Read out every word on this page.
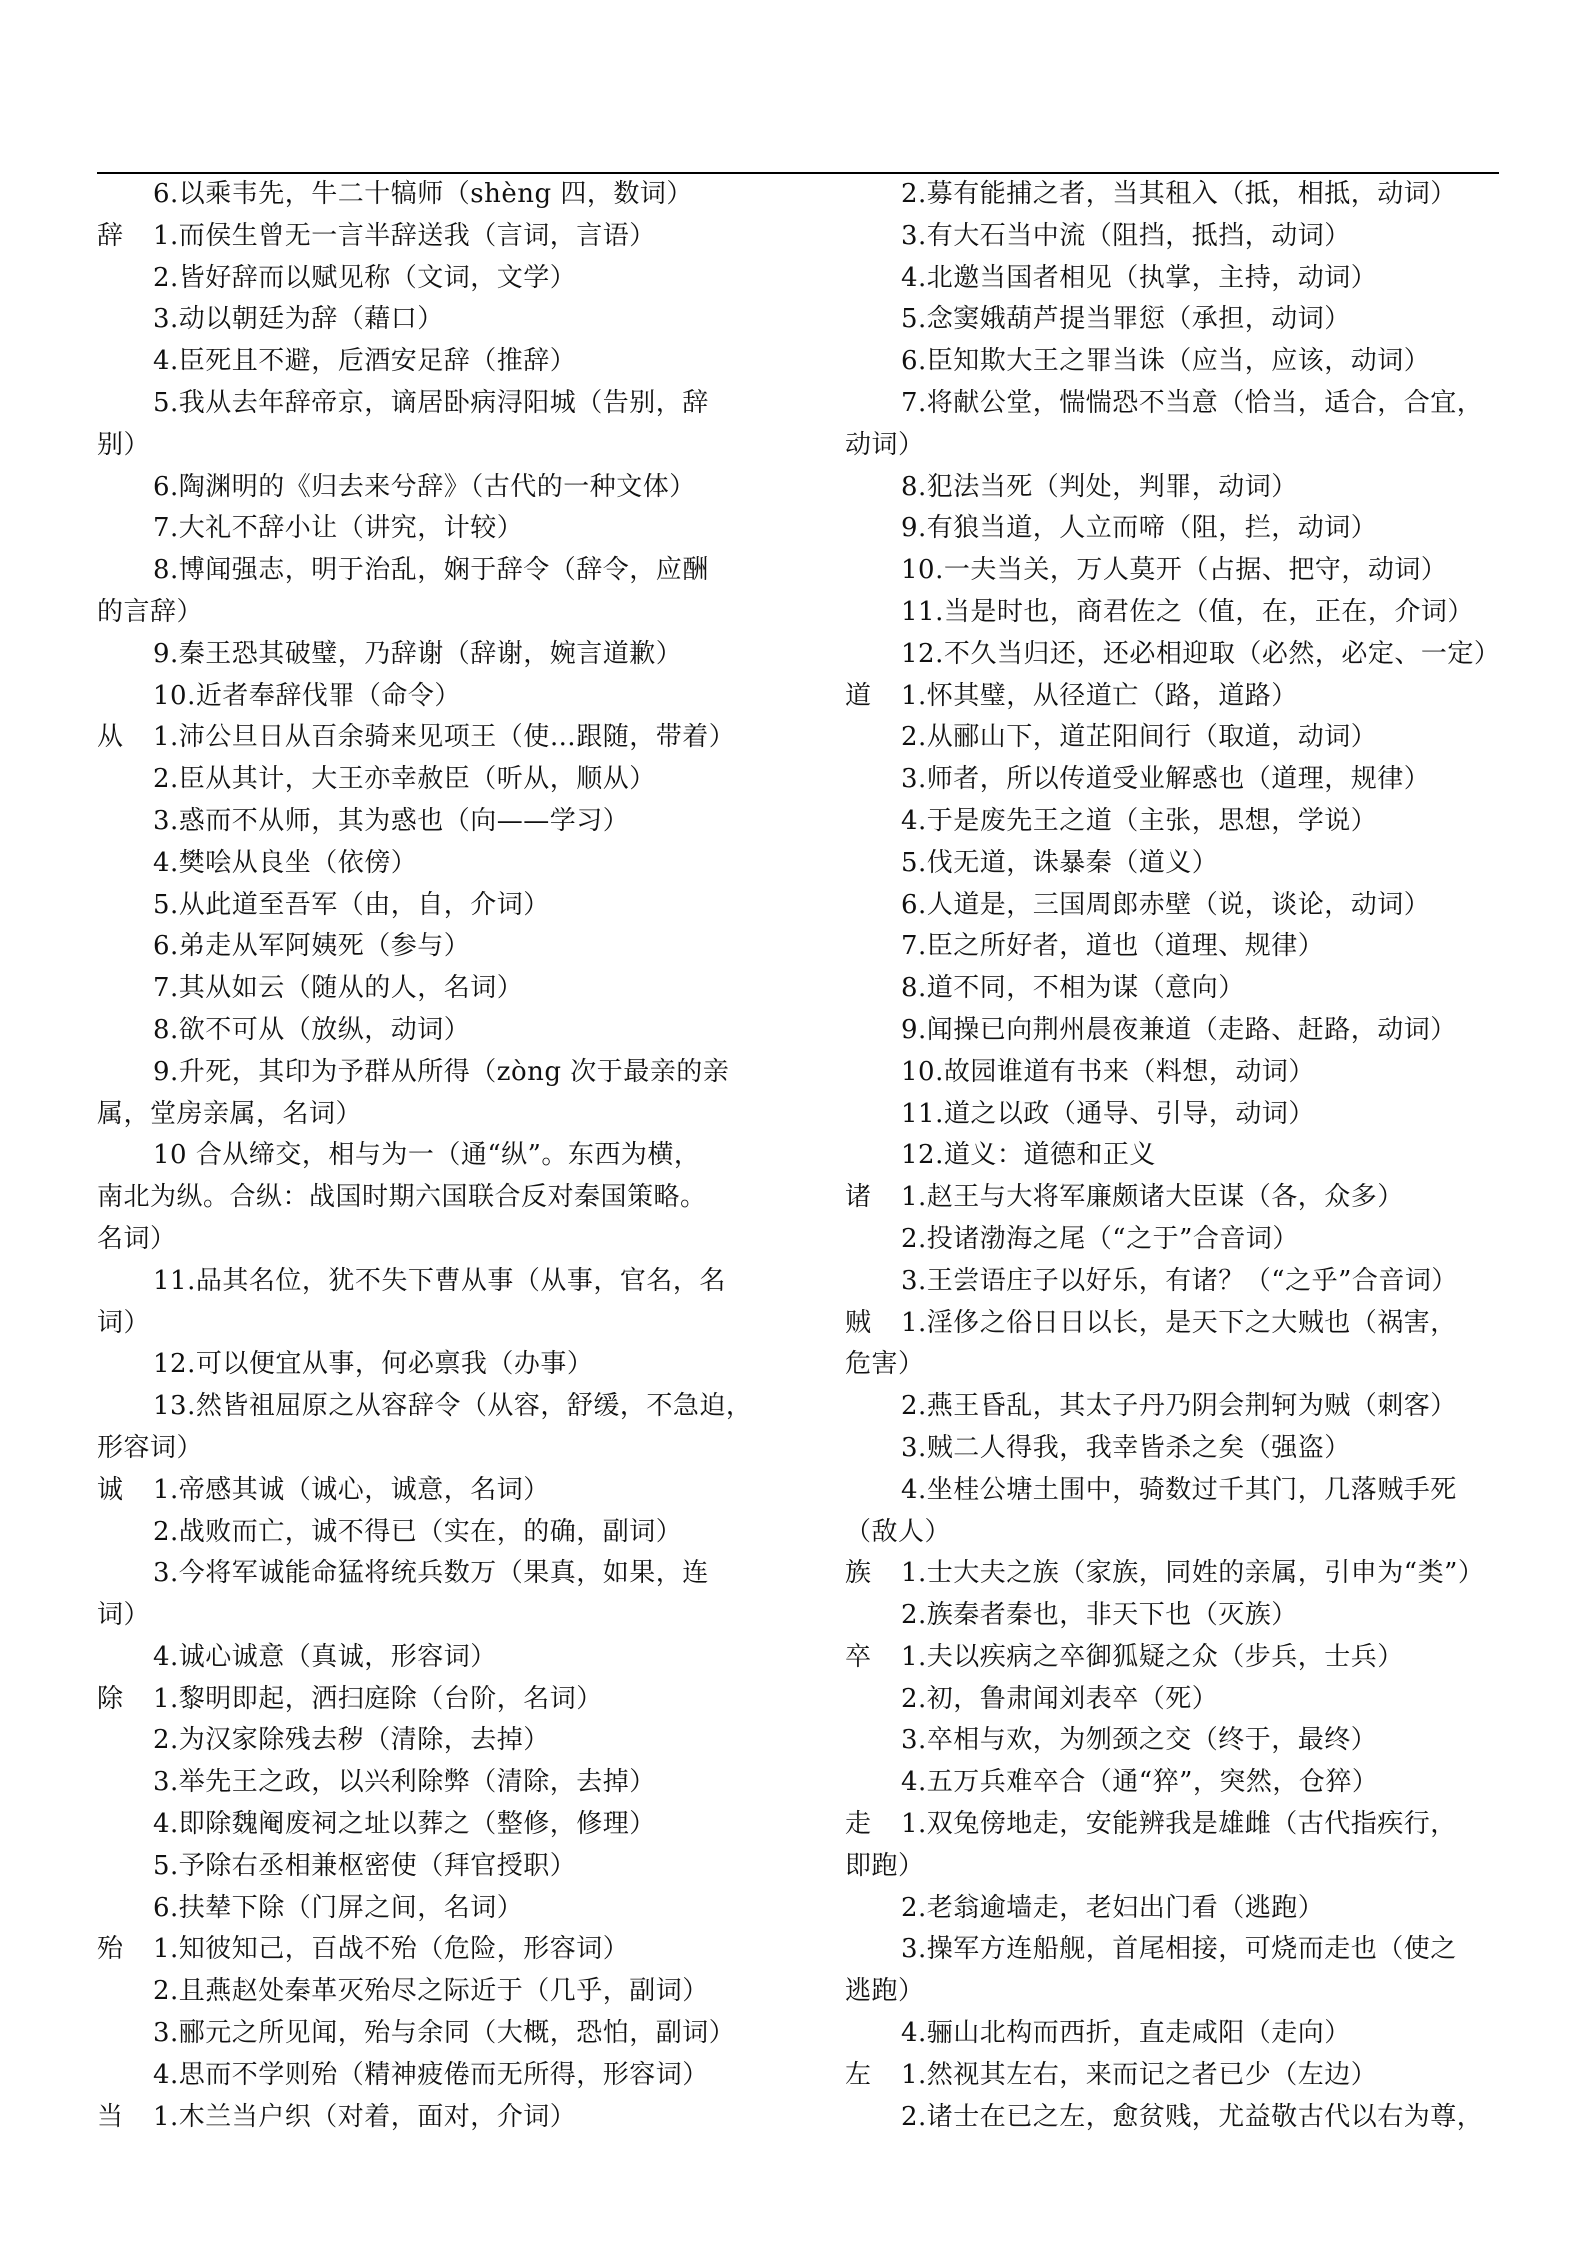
6.以乘韦先，牛二十犒师（shèng 四，数词）
辞 1.而侯生曾无一言半辞送我（言词，言语）
2.皆好辞而以赋见称（文词，文学）
3.动以朝廷为辞（藉口）
4.臣死且不避，卮酒安足辞（推辞）
5.我从去年辞帝京，谪居卧病浔阳城（告别，辞
别）
6.陶渊明的《归去来兮辞》（古代的一种文体）
7.大礼不辞小让（讲究，计较）
8.博闻强志，明于治乱，娴于辞令（辞令，应酬
的言辞）
9.秦王恐其破璧，乃辞谢（辞谢，婉言道歉）
10.近者奉辞伐罪（命令）
从 1.沛公旦日从百余骑来见项王（使…跟随，带着）
2.臣从其计，大王亦幸赦臣（听从，顺从）
3.惑而不从师，其为惑也（向——学习）
4.樊哙从良坐（依傍）
5.从此道至吾军（由，自，介词）
6.弟走从军阿姨死（参与）
7.其从如云（随从的人，名词）
8.欲不可从（放纵，动词）
9.升死，其印为予群从所得（zòng 次于最亲的亲
属，堂房亲属，名词）
10 合从缔交，相与为一（通“纵”。东西为横，
南北为纵。合纵：战国时期六国联合反对秦国策略。
名词）
11.品其名位，犹不失下曹从事（从事，官名，名
词）
12.可以便宜从事，何必禀我（办事）
13.然皆祖屈原之从容辞令（从容，舒缓，不急迫，
形容词）
诚 1.帝感其诚（诚心，诚意，名词）
2.战败而亡，诚不得已（实在，的确，副词）
3.今将军诚能命猛将统兵数万（果真，如果，连
词）
4.诚心诚意（真诚，形容词）
除 1.黎明即起，洒扫庭除（台阶，名词）
2.为汉家除残去秽（清除，去掉）
3.举先王之政，以兴利除弊（清除，去掉）
4.即除魏阉废祠之址以葬之（整修，修理）
5.予除右丞相兼枢密使（拜官授职）
6.扶辇下除（门屏之间，名词）
殆 1.知彼知己，百战不殆（危险，形容词）
2.且燕赵处秦革灭殆尽之际近于（几乎，副词）
3.郦元之所见闻，殆与余同（大概，恐怕，副词）
4.思而不学则殆（精神疲倦而无所得，形容词）
当 1.木兰当户织（对着，面对，介词）
2.募有能捕之者，当其租入（抵，相抵，动词）
3.有大石当中流（阻挡，抵挡，动词）
4.北邀当国者相见（执掌，主持，动词）
5.念窦娥葫芦提当罪愆（承担，动词）
6.臣知欺大王之罪当诛（应当，应该，动词）
7.将献公堂，惴惴恐不当意（恰当，适合，合宜，
动词）
8.犯法当死（判处，判罪，动词）
9.有狼当道，人立而啼（阻，拦，动词）
10.一夫当关，万人莫开（占据、把守，动词）
11.当是时也，商君佐之（值，在，正在，介词）
12.不久当归还，还必相迎取（必然，必定、一定）
道 1.怀其璧，从径道亡（路，道路）
2.从郦山下，道芷阳间行（取道，动词）
3.师者，所以传道受业解惑也（道理，规律）
4.于是废先王之道（主张，思想，学说）
5.伐无道，诛暴秦（道义）
6.人道是，三国周郎赤壁（说，谈论，动词）
7.臣之所好者，道也（道理、规律）
8.道不同，不相为谋（意向）
9.闻操已向荆州晨夜兼道（走路、赶路，动词）
10.故园谁道有书来（料想，动词）
11.道之以政（通导、引导，动词）
12.道义：道德和正义
诸 1.赵王与大将军廉颇诸大臣谋（各，众多）
2.投诸渤海之尾（“之于”合音词）
3.王尝语庄子以好乐，有诸？（“之乎”合音词）
贼 1.淫侈之俗日日以长，是天下之大贼也（祸害，
危害）
2.燕王昏乱，其太子丹乃阴会荆轲为贼（刺客）
3.贼二人得我，我幸皆杀之矣（强盗）
4.坐桂公塘土围中，骑数过千其门，几落贼手死
（敌人）
族 1.士大夫之族（家族，同姓的亲属，引申为“类”）
2.族秦者秦也，非天下也（灭族）
卒 1.夫以疾病之卒御狐疑之众（步兵，士兵）
2.初，鲁肃闻刘表卒（死）
3.卒相与欢，为刎颈之交（终于，最终）
4.五万兵难卒合（通“猝”，突然，仓猝）
走 1.双兔傍地走，安能辨我是雄雌（古代指疾行，
即跑）
2.老翁逾墙走，老妇出门看（逃跑）
3.操军方连船舰，首尾相接，可烧而走也（使之
逃跑）
4.骊山北构而西折，直走咸阳（走向）
左 1.然视其左右，来而记之者已少（左边）
2.诸士在已之左，愈贫贱，尤益敬古代以右为尊，
